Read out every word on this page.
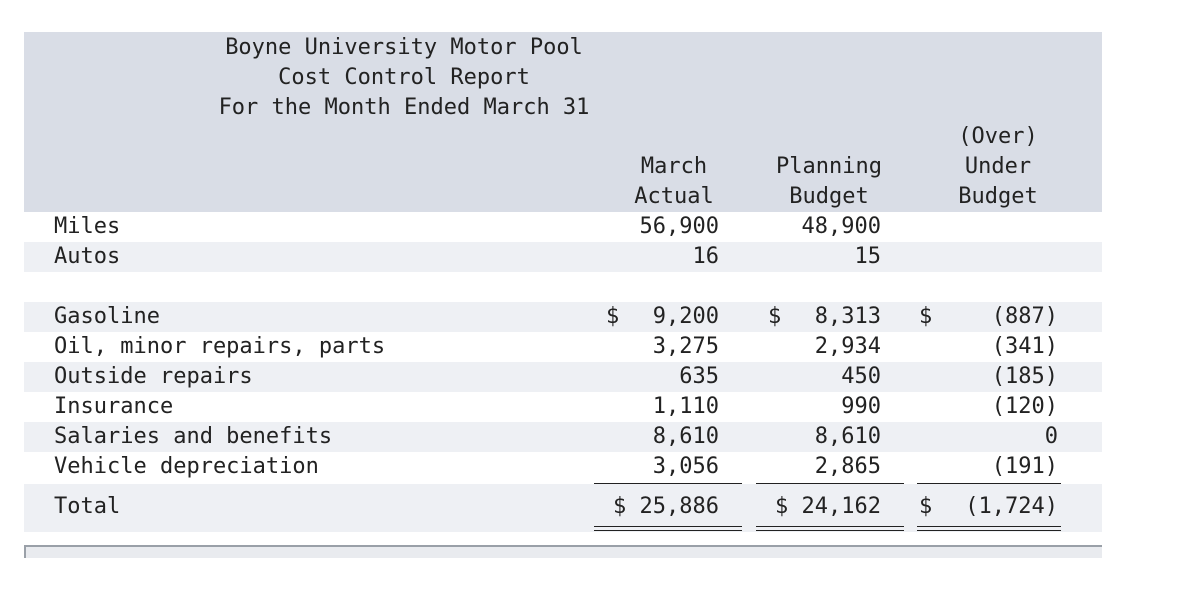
Boyne University Motor Pool
Cost Control Report
For the Month Ended March 31
March
Actual
Planning
Budget
(Over)
Under
Budget
Miles	56,900	48,900
Autos	16	15
Gasoline	$	9,200 $	8,313 $	(887)
Oil, minor repairs, parts	3,275	2,934	(341)
Outside repairs	635	450	(185)
Insurance	1,110	990	(120)
Salaries and benefits	8,610	8,610	0
Vehicle depreciation	3,056	2,865	(191)
Total	$ 25,886	$ 24,162 $	(1,724)
